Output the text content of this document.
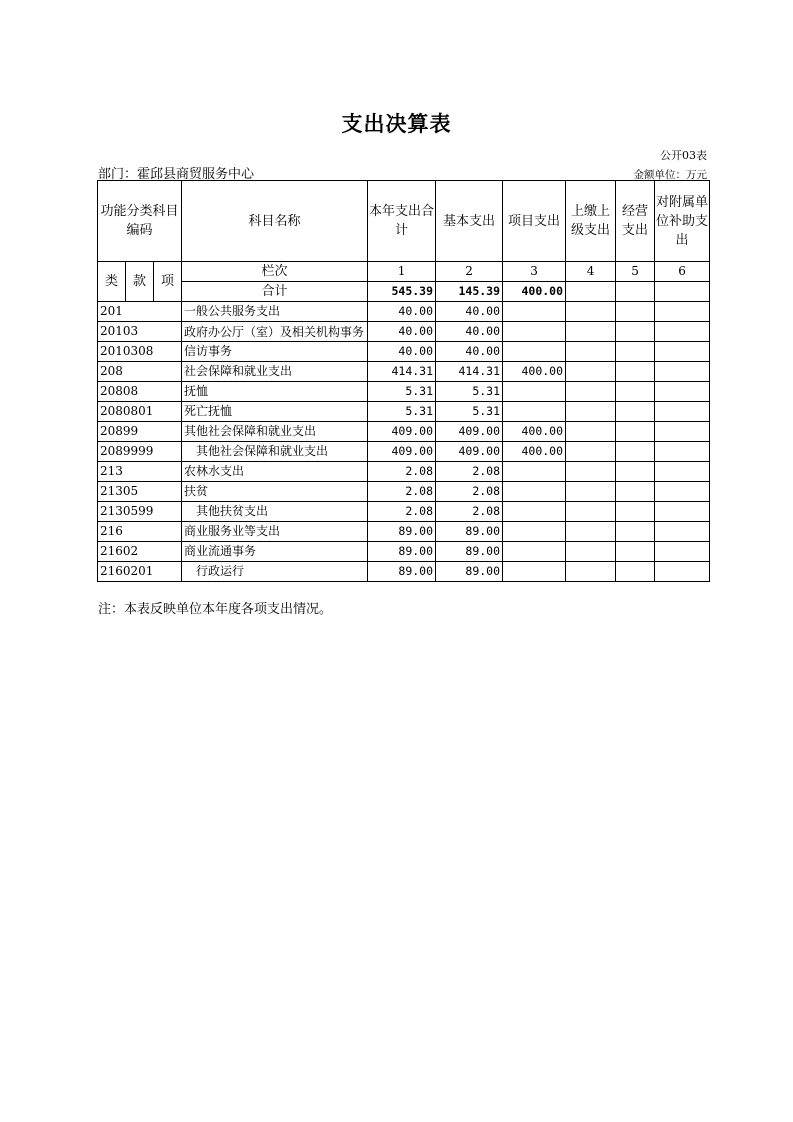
支出决算表
公开03表
部门：霍邱县商贸服务中心	金额单位：万元
功能分类科目编码			科目名称	本年支出合计	基本支出	项目支出	上缴上级支出	经营支出	对附属单位补助支出
类	款	项	栏次	1	2	3	4	5	6
			合计	545.39	145.39	400.00			
201			一般公共服务支出	40.00	40.00				
20103			政府办公厅（室）及相关机构事务	40.00	40.00				
2010308			信访事务	40.00	40.00				
208			社会保障和就业支出	414.31	414.31	400.00			
20808			抚恤	5.31	5.31				
2080801			死亡抚恤	5.31	5.31				
20899			其他社会保障和就业支出	409.00	409.00	400.00			
2089999			其他社会保障和就业支出	409.00	409.00	400.00			
213			农林水支出	2.08	2.08				
21305			扶贫	2.08	2.08				
2130599			其他扶贫支出	2.08	2.08				
216			商业服务业等支出	89.00	89.00				
21602			商业流通事务	89.00	89.00				
2160201			行政运行	89.00	89.00				
注：本表反映单位本年度各项支出情况。
